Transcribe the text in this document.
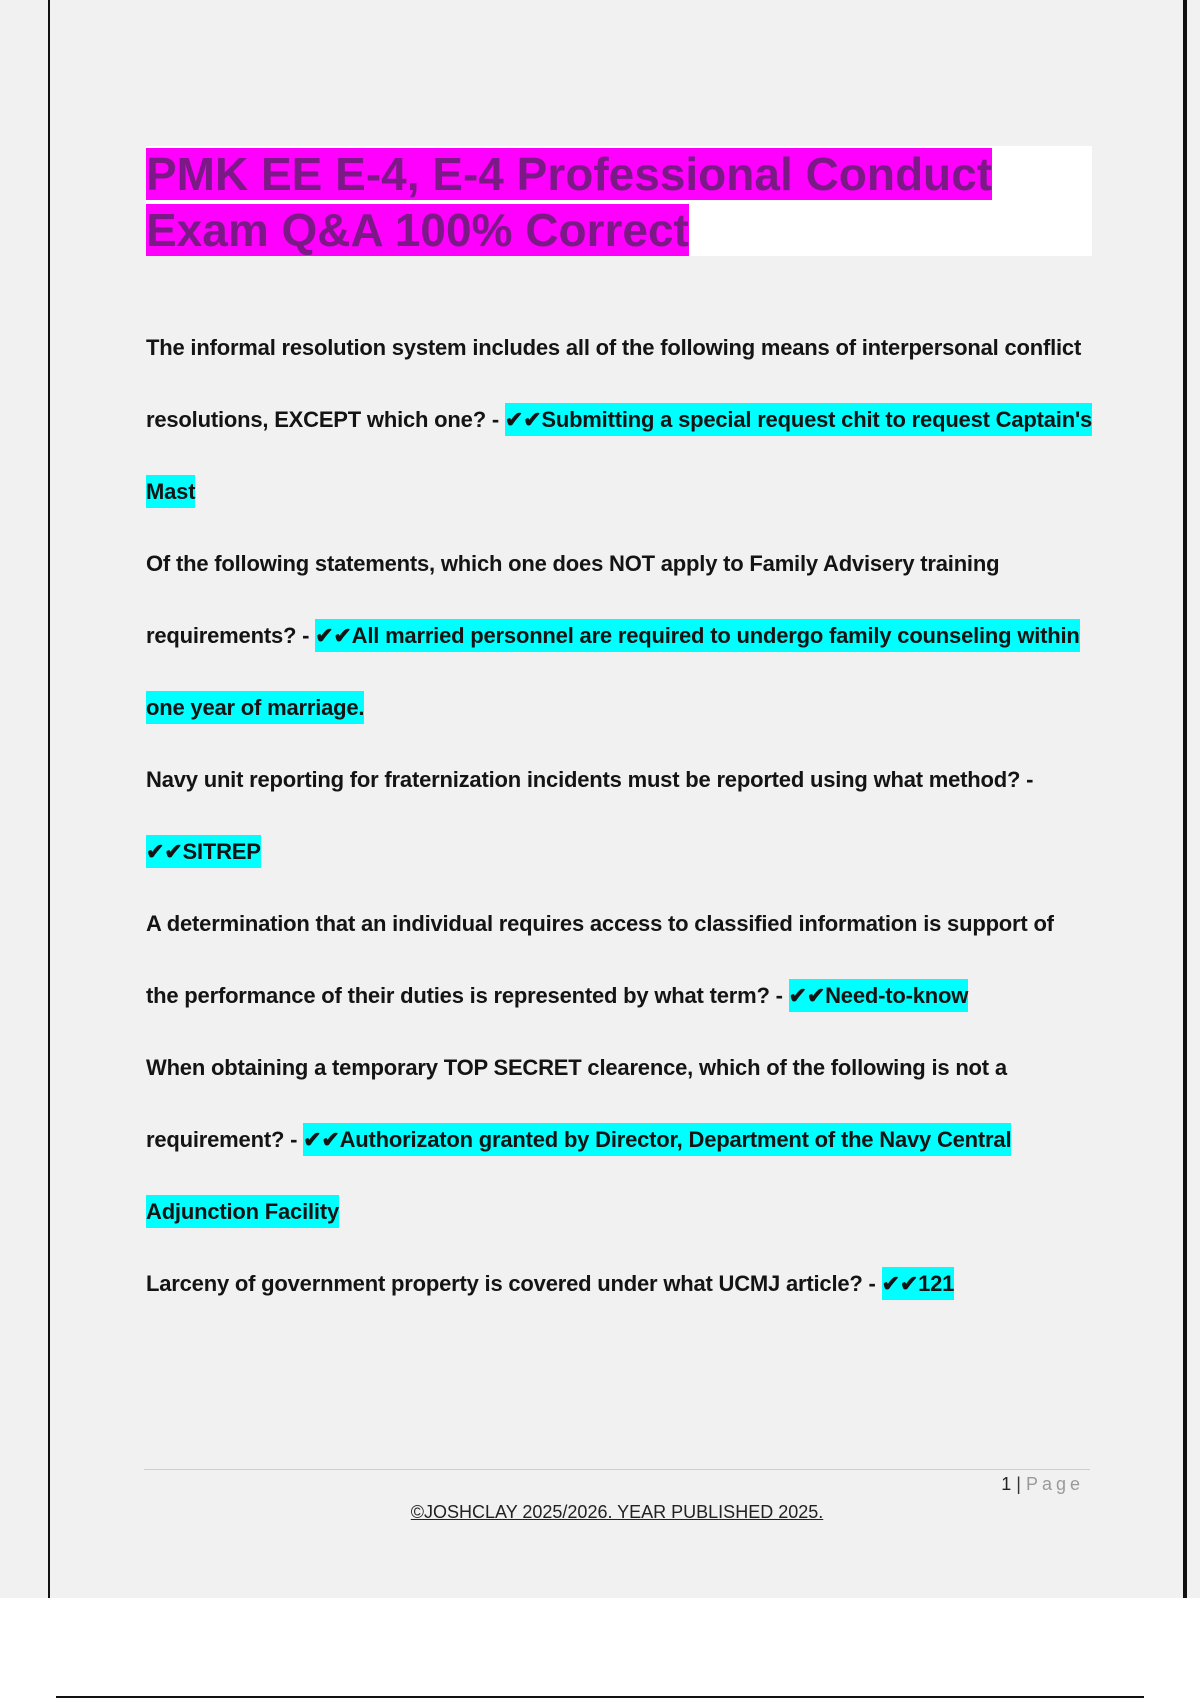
PMK EE E-4, E-4 Professional Conduct Exam Q&A 100% Correct
The informal resolution system includes all of the following means of interpersonal conflict resolutions, EXCEPT which one? - ✔✔Submitting a special request chit to request Captain's Mast
Of the following statements, which one does NOT apply to Family Advisery training requirements? - ✔✔All married personnel are required to undergo family counseling within one year of marriage.
Navy unit reporting for fraternization incidents must be reported using what method? - ✔✔SITREP
A determination that an individual requires access to classified information is support of the performance of their duties is represented by what term? - ✔✔Need-to-know
When obtaining a temporary TOP SECRET clearence, which of the following is not a requirement? - ✔✔Authorizaton granted by Director, Department of the Navy Central Adjunction Facility
Larceny of government property is covered under what UCMJ article? - ✔✔121
1 | Page
©JOSHCLAY 2025/2026. YEAR PUBLISHED 2025.
